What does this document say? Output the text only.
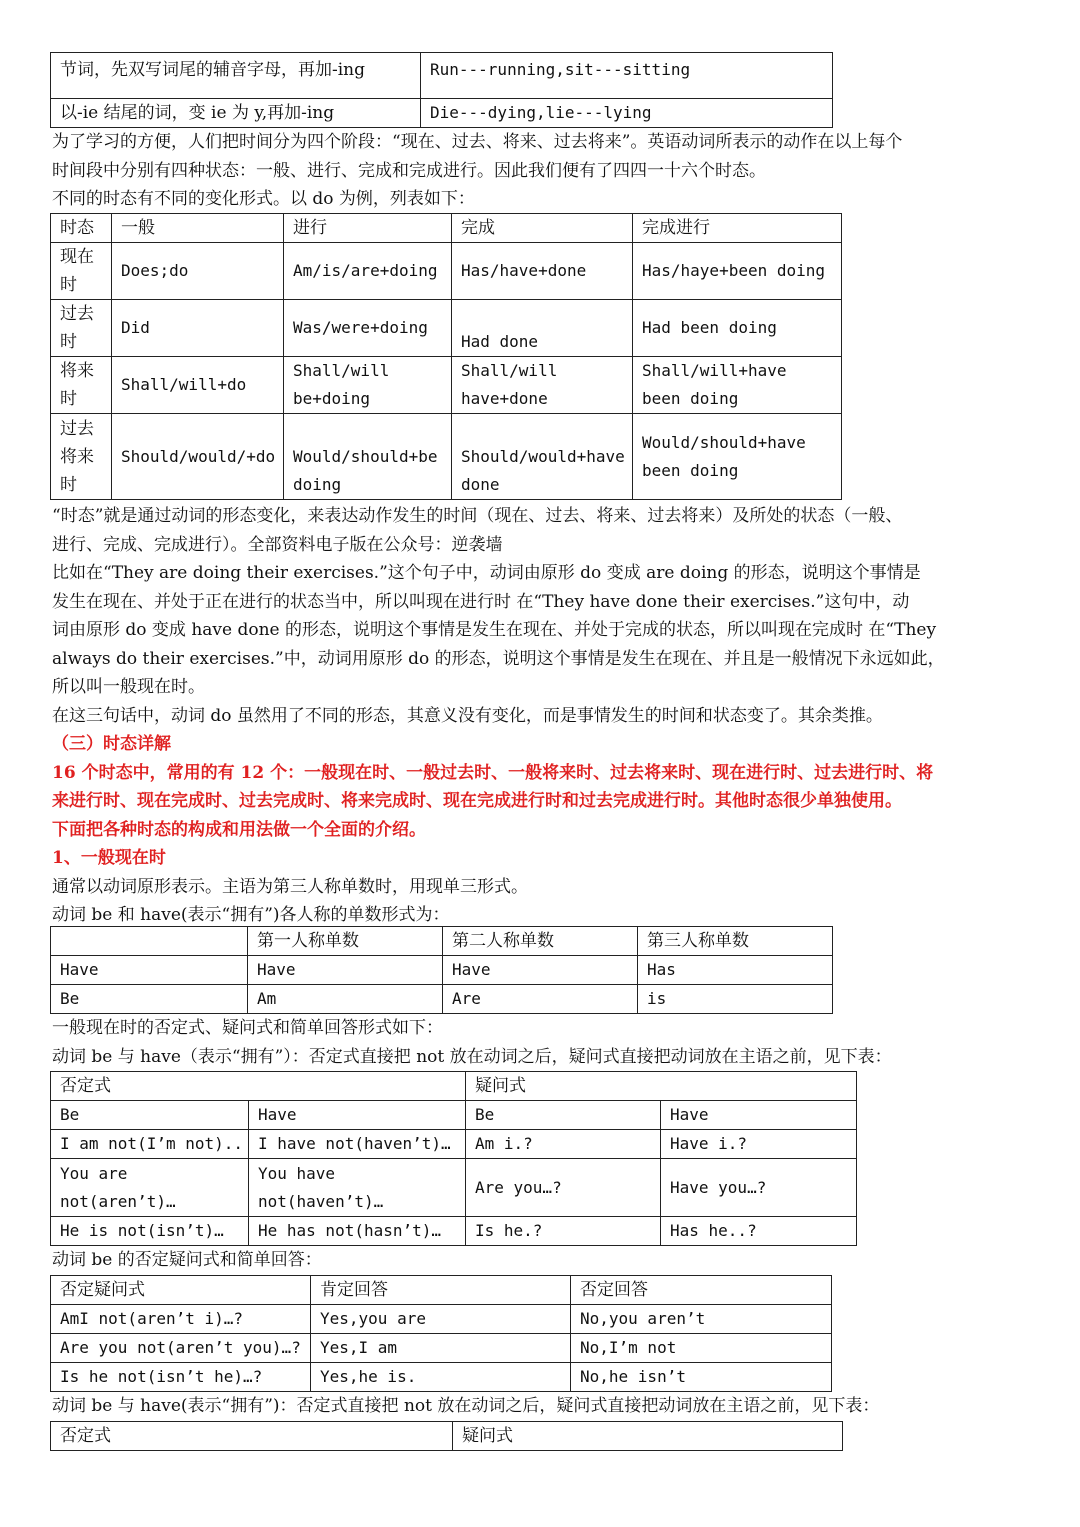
节词，先双写词尾的辅音字母，再加-ing	Run---running,sit---sitting
以-ie 结尾的词，变 ie 为 y,再加-ing	Die---dying,lie---lying

为了学习的方便，人们把时间分为四个阶段：“现在、过去、将来、过去将来”。英语动词所表示的动作在以上每个

时间段中分别有四种状态：一般、进行、完成和完成进行。因此我们便有了四四一十六个时态。

不同的时态有不同的变化形式。以 do 为例，列表如下：

时态	一般	进行	完成	完成进行
现在时	Does;do	Am/is/are+doing	Has/have+done	Has/haye+been doing
过去时	Did	Was/were+doing	Had done	Had been doing
将来时	Shall/will+do	Shall/will be+doing	Shall/will have+done	Shall/will+have been doing
过去将来时	Should/would/+do	Would/should+be doing	Should/would+have done	Would/should+have been doing

“时态”就是通过动词的形态变化，来表达动作发生的时间（现在、过去、将来、过去将来）及所处的状态（一般、

进行、完成、完成进行）。全部资料电子版在公众号：逆袭墙

比如在“They are doing their exercises.”这个句子中，动词由原形 do 变成 are doing 的形态，说明这个事情是

发生在现在、并处于正在进行的状态当中，所以叫现在进行时 在“They have done their exercises.”这句中，动

词由原形 do 变成 have done 的形态，说明这个事情是发生在现在、并处于完成的状态，所以叫现在完成时 在“They

always do their exercises.”中，动词用原形 do 的形态，说明这个事情是发生在现在、并且是一般情况下永远如此，

所以叫一般现在时。

在这三句话中，动词 do 虽然用了不同的形态，其意义没有变化，而是事情发生的时间和状态变了。其余类推。

（三）时态详解

16 个时态中，常用的有 12 个：一般现在时、一般过去时、一般将来时、过去将来时、现在进行时、过去进行时、将

来进行时、现在完成时、过去完成时、将来完成时、现在完成进行时和过去完成进行时。其他时态很少单独使用。

下面把各种时态的构成和用法做一个全面的介绍。

1、一般现在时

通常以动词原形表示。主语为第三人称单数时，用现单三形式。

动词 be 和 have(表示“拥有”)各人称的单数形式为：

	第一人称单数	第二人称单数	第三人称单数
Have	Have	Have	Has
Be	Am	Are	is

一般现在时的否定式、疑问式和简单回答形式如下：

动词 be 与 have（表示“拥有”）：否定式直接把 not 放在动词之后，疑问式直接把动词放在主语之前，见下表：

否定式		疑问式	
Be	Have	Be	Have
I am not(I’m not)..	I have not(haven’t)…	Am i.?	Have i.?
You are not(aren’t)…	You have not(haven’t)…	Are you…?	Have you…?
He is not(isn’t)…	He has not(hasn’t)…	Is he.?	Has he..?

动词 be 的否定疑问式和简单回答：

否定疑问式	肯定回答	否定回答
AmI not(aren’t i)…?	Yes,you are	No,you aren’t
Are you not(aren’t you)…?	Yes,I am	No,I’m not
Is he not(isn’t he)…?	Yes,he is.	No,he isn’t

动词 be 与 have(表示“拥有”)：否定式直接把 not 放在动词之后，疑问式直接把动词放在主语之前，见下表：

否定式	疑问式
